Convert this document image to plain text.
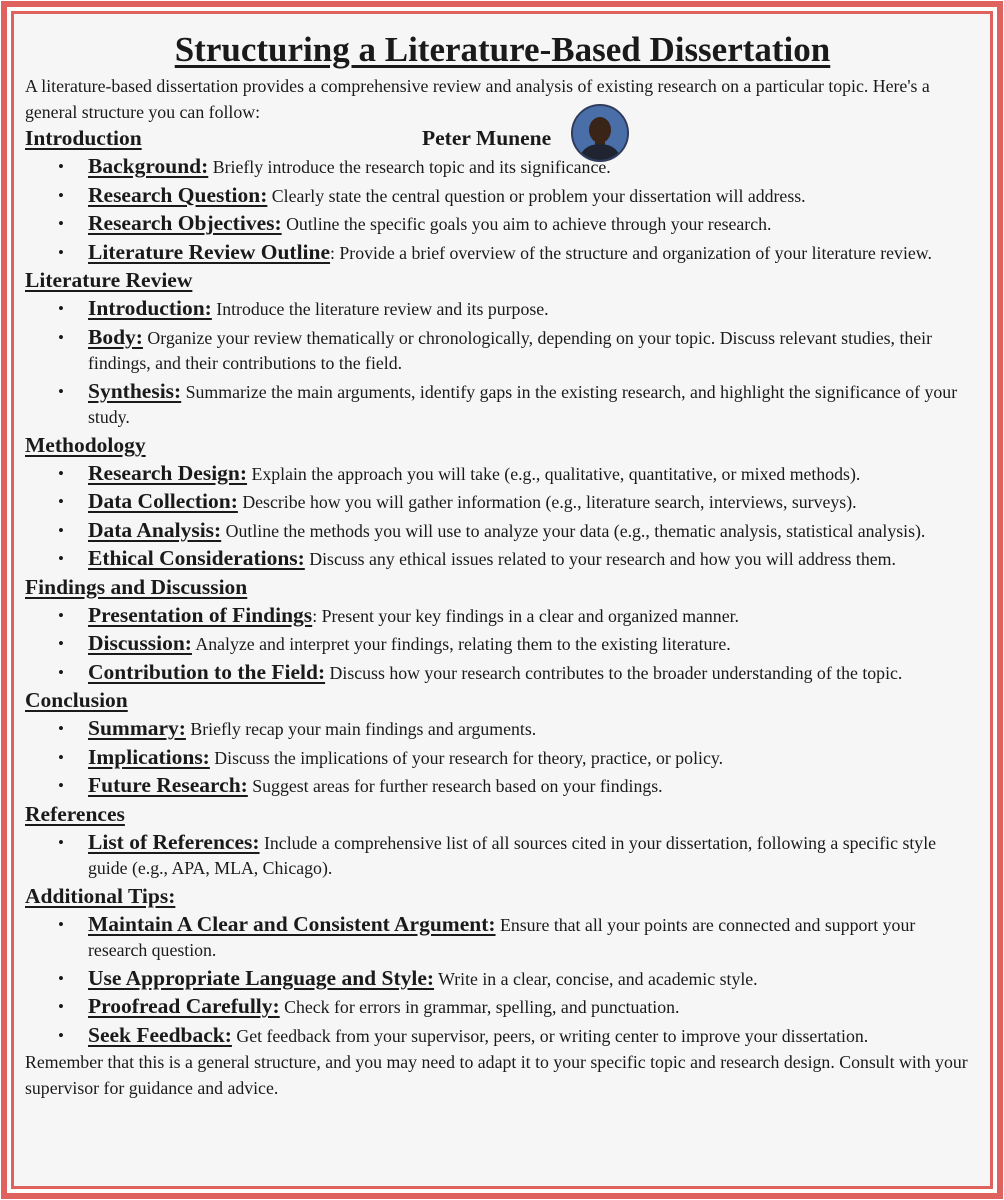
Structuring a Literature-Based Dissertation

A literature-based dissertation provides a comprehensive review and analysis of existing research on a particular topic. Here's a general structure you can follow:

Introduction	Peter Munene
• Background: Briefly introduce the research topic and its significance.
• Research Question: Clearly state the central question or problem your dissertation will address.
• Research Objectives: Outline the specific goals you aim to achieve through your research.
• Literature Review Outline: Provide a brief overview of the structure and organization of your literature review.
Literature Review
• Introduction: Introduce the literature review and its purpose.
• Body: Organize your review thematically or chronologically, depending on your topic. Discuss relevant studies, their findings, and their contributions to the field.
• Synthesis: Summarize the main arguments, identify gaps in the existing research, and highlight the significance of your study.
Methodology
• Research Design: Explain the approach you will take (e.g., qualitative, quantitative, or mixed methods).
• Data Collection: Describe how you will gather information (e.g., literature search, interviews, surveys).
• Data Analysis: Outline the methods you will use to analyze your data (e.g., thematic analysis, statistical analysis).
• Ethical Considerations: Discuss any ethical issues related to your research and how you will address them.
Findings and Discussion
• Presentation of Findings: Present your key findings in a clear and organized manner.
• Discussion: Analyze and interpret your findings, relating them to the existing literature.
• Contribution to the Field: Discuss how your research contributes to the broader understanding of the topic.
Conclusion
• Summary: Briefly recap your main findings and arguments.
• Implications: Discuss the implications of your research for theory, practice, or policy.
• Future Research: Suggest areas for further research based on your findings.
References
• List of References: Include a comprehensive list of all sources cited in your dissertation, following a specific style guide (e.g., APA, MLA, Chicago).
Additional Tips:
• Maintain A Clear and Consistent Argument: Ensure that all your points are connected and support your research question.
• Use Appropriate Language and Style: Write in a clear, concise, and academic style.
• Proofread Carefully: Check for errors in grammar, spelling, and punctuation.
• Seek Feedback: Get feedback from your supervisor, peers, or writing center to improve your dissertation.

Remember that this is a general structure, and you may need to adapt it to your specific topic and research design. Consult with your supervisor for guidance and advice.
